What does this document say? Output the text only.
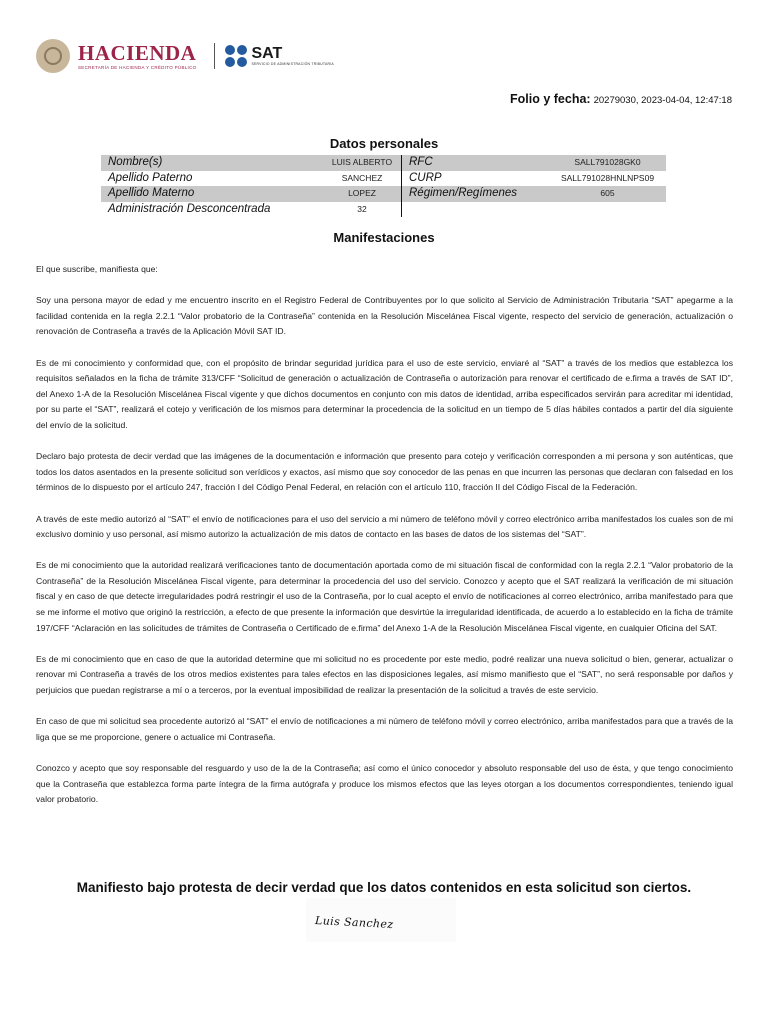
HACIENDA
SECRETARÍA DE HACIENDA Y CRÉDITO PÚBLICO
SAT
SERVICIO DE ADMINISTRACIÓN TRIBUTARIA
Folio y fecha: 20279030, 2023-04-04, 12:47:18
Datos personales
Nombre(s)	LUIS ALBERTO	RFC	SALL791028GK0
Apellido Paterno	SANCHEZ	CURP	SALL791028HNLNPS09
Apellido Materno	LOPEZ	Régimen/Regímenes	605
Administración Desconcentrada	32
Manifestaciones

El que suscribe, manifiesta que:

Soy una persona mayor de edad y me encuentro inscrito en el Registro Federal de Contribuyentes por lo que solicito al Servicio de Administración Tributaria “SAT” apegarme a la facilidad contenida en la regla 2.2.1 “Valor probatorio de la Contraseña” contenida en la Resolución Miscelánea Fiscal vigente, respecto del servicio de generación, actualización o renovación de Contraseña a través de la Aplicación Móvil SAT ID.

Es de mi conocimiento y conformidad que, con el propósito de brindar seguridad jurídica para el uso de este servicio, enviaré al “SAT” a través de los medios que establezca los requisitos señalados en la ficha de trámite 313/CFF “Solicitud de generación o actualización de Contraseña o autorización para renovar el certificado de e.firma a través de SAT ID”, del Anexo 1-A de la Resolución Miscelánea Fiscal vigente y que dichos documentos en conjunto con mis datos de identidad, arriba especificados servirán para acreditar mi identidad, por su parte el “SAT”, realizará el cotejo y verificación de los mismos para determinar la procedencia de la solicitud en un tiempo de 5 días hábiles contados a partir del día siguiente del envío de la solicitud.

Declaro bajo protesta de decir verdad que las imágenes de la documentación e información que presento para cotejo y verificación corresponden a mi persona y son auténticas, que todos los datos asentados en la presente solicitud son verídicos y exactos, así mismo que soy conocedor de las penas en que incurren las personas que declaran con falsedad en los términos de lo dispuesto por el artículo 247, fracción I del Código Penal Federal, en relación con el artículo 110, fracción II del Código Fiscal de la Federación.

A través de este medio autorizó al “SAT” el envío de notificaciones para el uso del servicio a mi número de teléfono móvil y correo electrónico arriba manifestados los cuales son de mi exclusivo dominio y uso personal, así mismo autorizo la actualización de mis datos de contacto en las bases de datos de los sistemas del “SAT”.

Es de mi conocimiento que la autoridad realizará verificaciones tanto de documentación aportada como de mi situación fiscal de conformidad con la regla 2.2.1 “Valor probatorio de la Contraseña” de la Resolución Miscelánea Fiscal vigente, para determinar la procedencia del uso del servicio. Conozco y acepto que el SAT realizará la verificación de mi situación fiscal y en caso de que detecte irregularidades podrá restringir el uso de la Contraseña, por lo cual acepto el envío de notificaciones al correo electrónico, arriba manifestado para que se me informe el motivo que originó la restricción, a efecto de que presente la información que desvirtúe la irregularidad identificada, de acuerdo a lo establecido en la ficha de trámite 197/CFF “Aclaración en las solicitudes de trámites de Contraseña o Certificado de e.firma” del Anexo 1-A de la Resolución Miscelánea Fiscal vigente, en cualquier Oficina del SAT.

Es de mi conocimiento que en caso de que la autoridad determine que mi solicitud no es procedente por este medio, podré realizar una nueva solicitud o bien, generar, actualizar o renovar mi Contraseña a través de los otros medios existentes para tales efectos en las disposiciones legales, así mismo manifiesto que el “SAT”, no será responsable por daños y perjuicios que puedan registrarse a mí o a terceros, por la eventual imposibilidad de realizar la presentación de la solicitud a través de este servicio.

En caso de que mi solicitud sea procedente autorizó al “SAT” el envío de notificaciones a mi número de teléfono móvil y correo electrónico, arriba manifestados para que a través de la liga que se me proporcione, genere o actualice mi Contraseña.

Conozco y acepto que soy responsable del resguardo y uso de la de la Contraseña; así como el único conocedor y absoluto responsable del uso de ésta, y que tengo conocimiento que la Contraseña que establezca forma parte íntegra de la firma autógrafa y produce los mismos efectos que las leyes otorgan a los documentos correspondientes, teniendo igual valor probatorio.

Manifiesto bajo protesta de decir verdad que los datos contenidos en esta solicitud son ciertos.
Luis Sanchez
